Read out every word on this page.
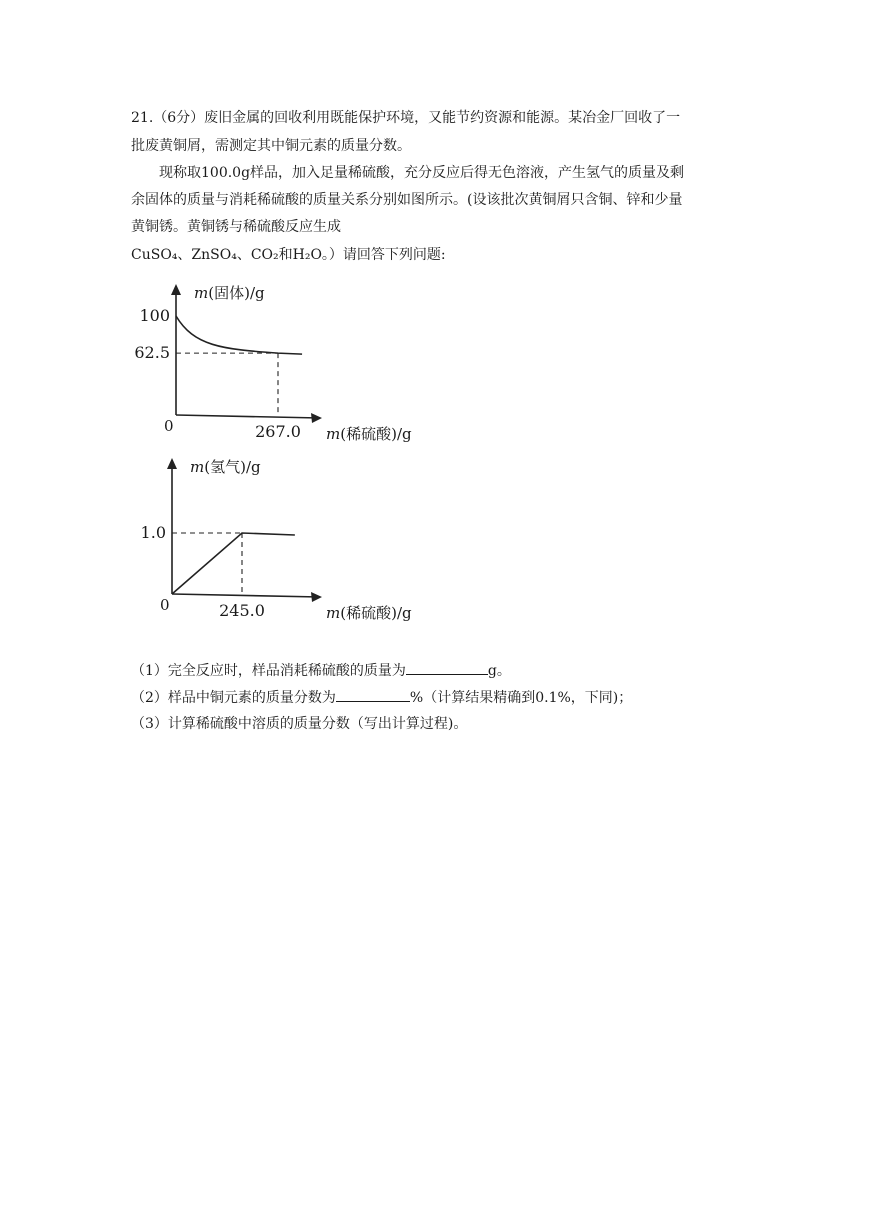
21.（6分）废旧金属的回收利用既能保护环境，又能节约资源和能源。某冶金厂回收了一
批废黄铜屑，需测定其中铜元素的质量分数。
现称取100.0g样品，加入足量稀硫酸，充分反应后得无色溶液，产生氢气的质量及剩
余固体的质量与消耗稀硫酸的质量关系分别如图所示。(设该批次黄铜屑只含铜、锌和少量
黄铜锈。黄铜锈与稀硫酸反应生成
CuSO₄、ZnSO₄、CO₂和H₂O。）请回答下列问题:
m(固体)/g
m(稀硫酸)/g
0
100
62.5
267.0
m(氢气)/g
m(稀硫酸)/g
0
1.0
245.0
（1）完全反应时，样品消耗稀硫酸的质量为	g。
（2）样品中铜元素的质量分数为	%（计算结果精确到0.1%，下同)；
（3）计算稀硫酸中溶质的质量分数（写出计算过程)。
